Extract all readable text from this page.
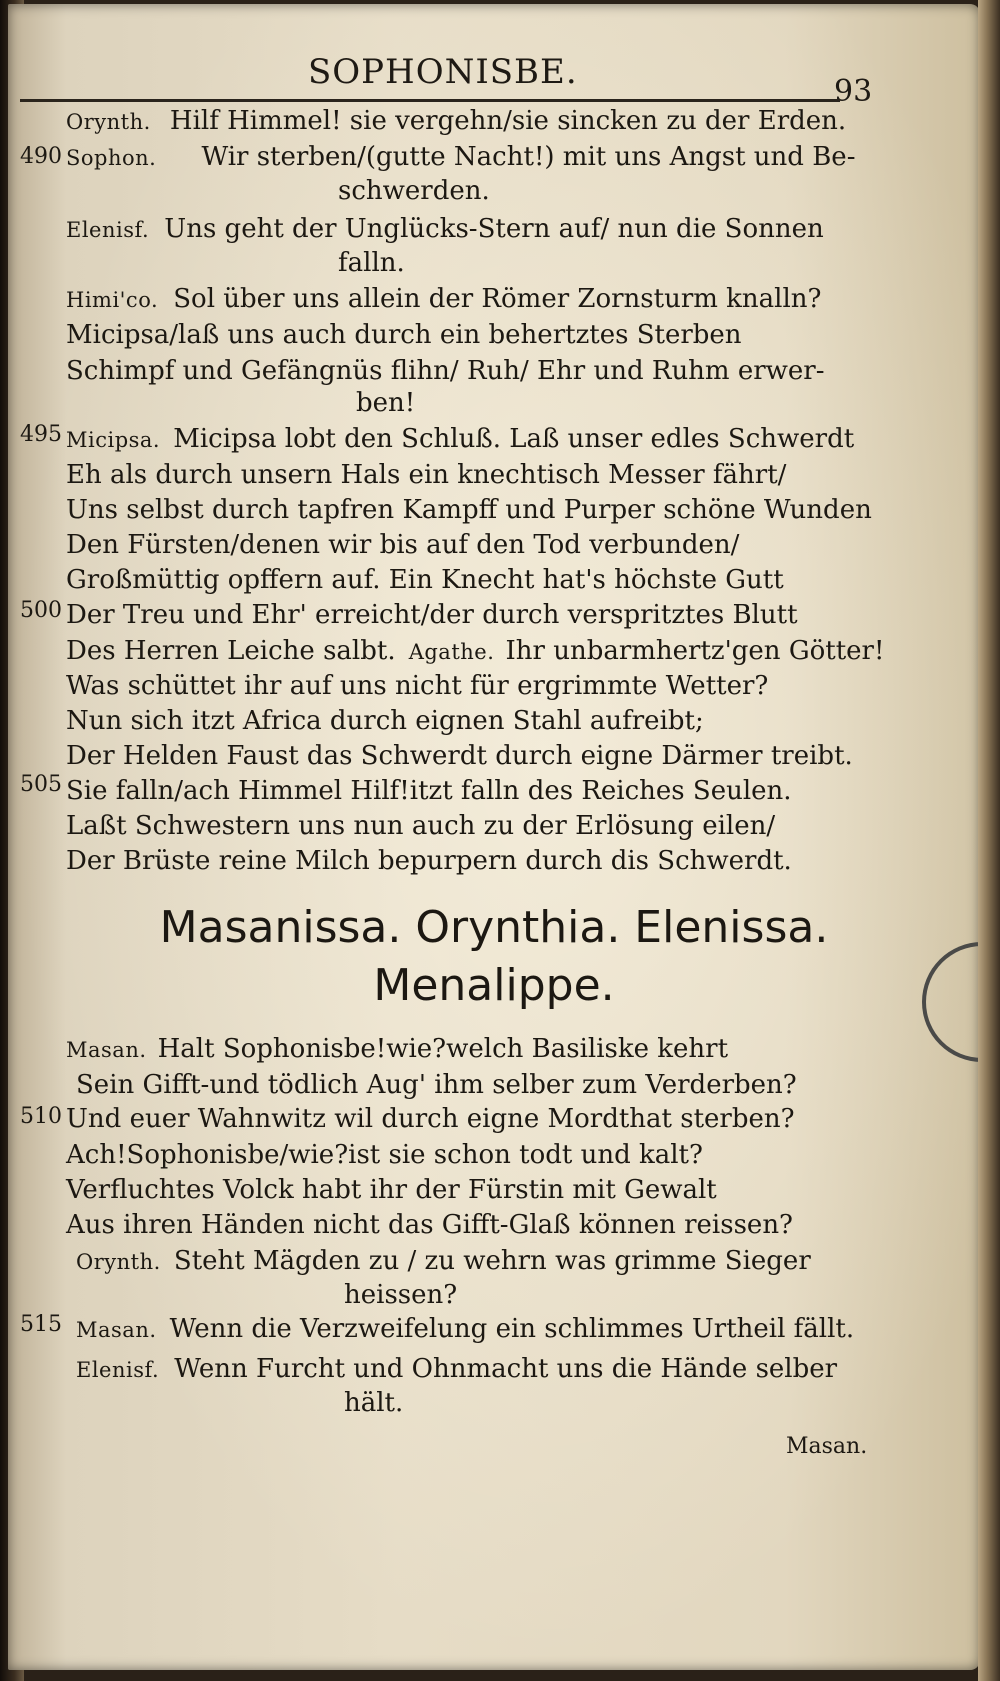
SOPHONISBE.	93
490
495
500
505
510
515
Orynth. Hilf Himmel! sie vergehn/sie sincken zu der Erden.
Sophon. Wir sterben/(gutte Nacht!) mit uns Angst und Be-
schwerden.
Elenisf. Uns geht der Unglücks-Stern auf/ nun die Sonnen
falln.
Himi'co. Sol über uns allein der Römer Zornsturm knalln?
Micipsa/laß uns auch durch ein behertztes Sterben
Schimpf und Gefängnüs flihn/ Ruh/ Ehr und Ruhm erwer-
ben!
Micipsa. Micipsa lobt den Schluß. Laß unser edles Schwerdt
Eh als durch unsern Hals ein knechtisch Messer fährt/
Uns selbst durch tapfren Kampff und Purper schöne Wunden
Den Fürsten/denen wir bis auf den Tod verbunden/
Großmüttig opffern auf. Ein Knecht hat's höchste Gutt
Der Treu und Ehr' erreicht/der durch verspritztes Blutt
Des Herren Leiche salbt. Agathe. Ihr unbarmhertz'gen Götter!
Was schüttet ihr auf uns nicht für ergrimmte Wetter?
Nun sich itzt Africa durch eignen Stahl aufreibt;
Der Helden Faust das Schwerdt durch eigne Därmer treibt.
Sie falln/ach Himmel Hilf!itzt falln des Reiches Seulen.
Laßt Schwestern uns nun auch zu der Erlösung eilen/
Der Brüste reine Milch bepurpern durch dis Schwerdt.
Masanissa. Orynthia. Elenissa.
Menalippe.
Masan. Halt Sophonisbe!wie?welch Basiliske kehrt
Sein Gifft-und tödlich Aug' ihm selber zum Verderben?
Und euer Wahnwitz wil durch eigne Mordthat sterben?
Ach!Sophonisbe/wie?ist sie schon todt und kalt?
Verfluchtes Volck habt ihr der Fürstin mit Gewalt
Aus ihren Händen nicht das Gifft-Glaß können reissen?
Orynth. Steht Mägden zu / zu wehrn was grimme Sieger
heissen?
Masan. Wenn die Verzweifelung ein schlimmes Urtheil fällt.
Elenisf. Wenn Furcht und Ohnmacht uns die Hände selber
hält.
Masan.
